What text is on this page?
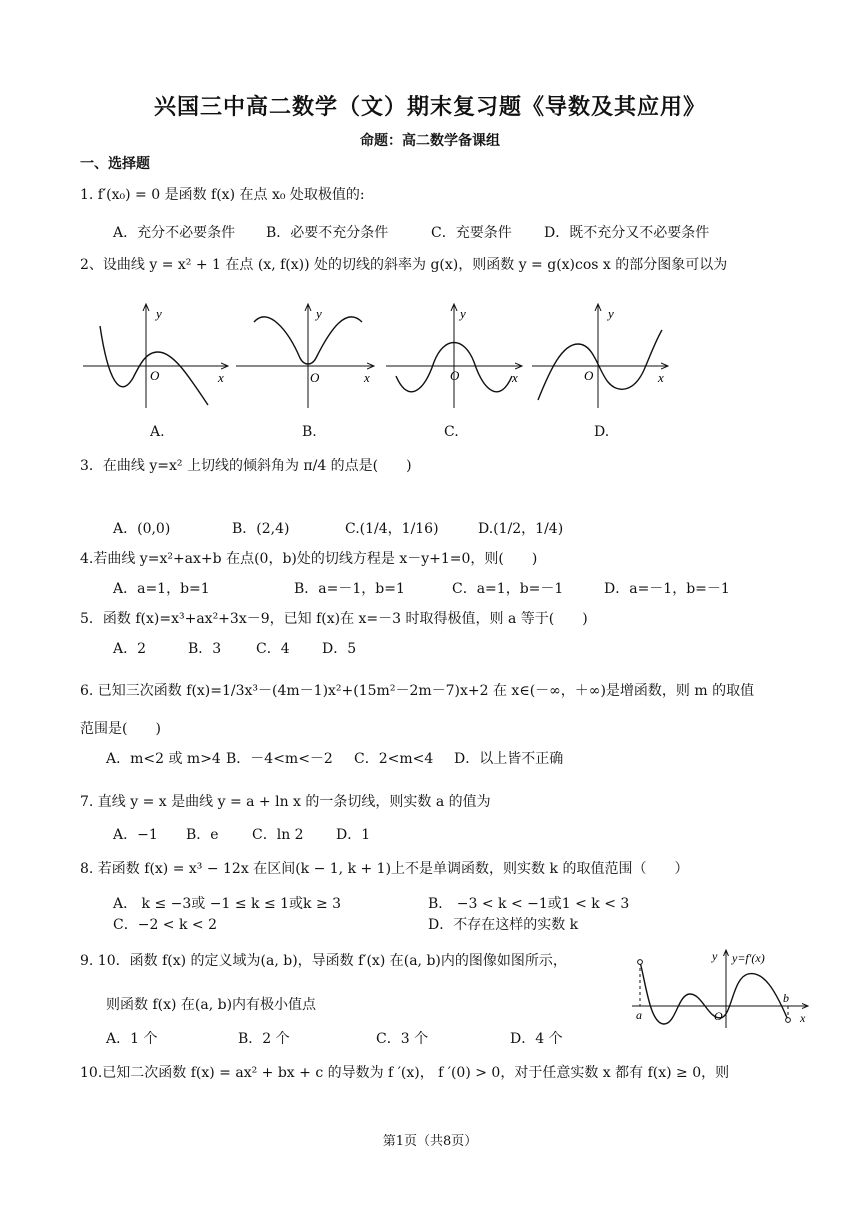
兴国三中高二数学（文）期末复习题《导数及其应用》
命题：高二数学备课组
一、选择题
1. f′(x₀) = 0 是函数 f(x) 在点 x₀ 处取极值的:
A．充分不必要条件 B．必要不充分条件	C．充要条件 D．既不充分又不必要条件
2、设曲线 y = x² + 1 在点 (x, f(x)) 处的切线的斜率为 g(x)，则函数 y = g(x)cos x 的部分图象可以为
y
O	x
y
O	x
y
O	x
y
O	x
A.	B.	C.	D.
3．在曲线 y=x² 上切线的倾斜角为 π/4 的点是(　　)
A．(0,0)	B．(2,4)	C.(1/4，1/16)	D.(1/2，1/4)
4.若曲线 y=x²+ax+b 在点(0，b)处的切线方程是 x－y+1=0，则(　　)
A．a=1，b=1	B．a=－1，b=1	C．a=1，b=－1	D．a=－1，b=－1
5．函数 f(x)=x³+ax²+3x－9，已知 f(x)在 x=－3 时取得极值，则 a 等于(　　)
A．2	B．3 C．4 D．5
6. 已知三次函数 f(x)=1/3x³－(4m－1)x²+(15m²－2m－7)x+2 在 x∈(－∞，＋∞)是增函数，则 m 的取值
范围是(　　)
A．m<2 或 m>4 B．－4<m<－2 C．2<m<4 D．以上皆不正确
7. 直线 y = x 是曲线 y = a + ln x 的一条切线，则实数 a 的值为
A．−1 B．e C．ln 2 D．1
8. 若函数 f(x) = x³ − 12x 在区间(k − 1, k + 1)上不是单调函数，则实数 k 的取值范围（　　）
A． k ≤ −3或 −1 ≤ k ≤ 1或k ≥ 3	B． −3 < k < −1或1 < k < 3
C．−2 < k < 2	D．不存在这样的实数 k
9. 10．函数 f(x) 的定义域为(a, b)，导函数 f′(x) 在(a, b)内的图像如图所示，
则函数 f(x) 在(a, b)内有极小值点
y y=f′(x)
a
b
O	x
A．1 个	B．2 个	C．3 个	D．4 个
10.已知二次函数 f(x) = ax² + bx + c 的导数为 f ′(x)， f ′(0) > 0，对于任意实数 x 都有 f(x) ≥ 0，则
第1页（共8页）
